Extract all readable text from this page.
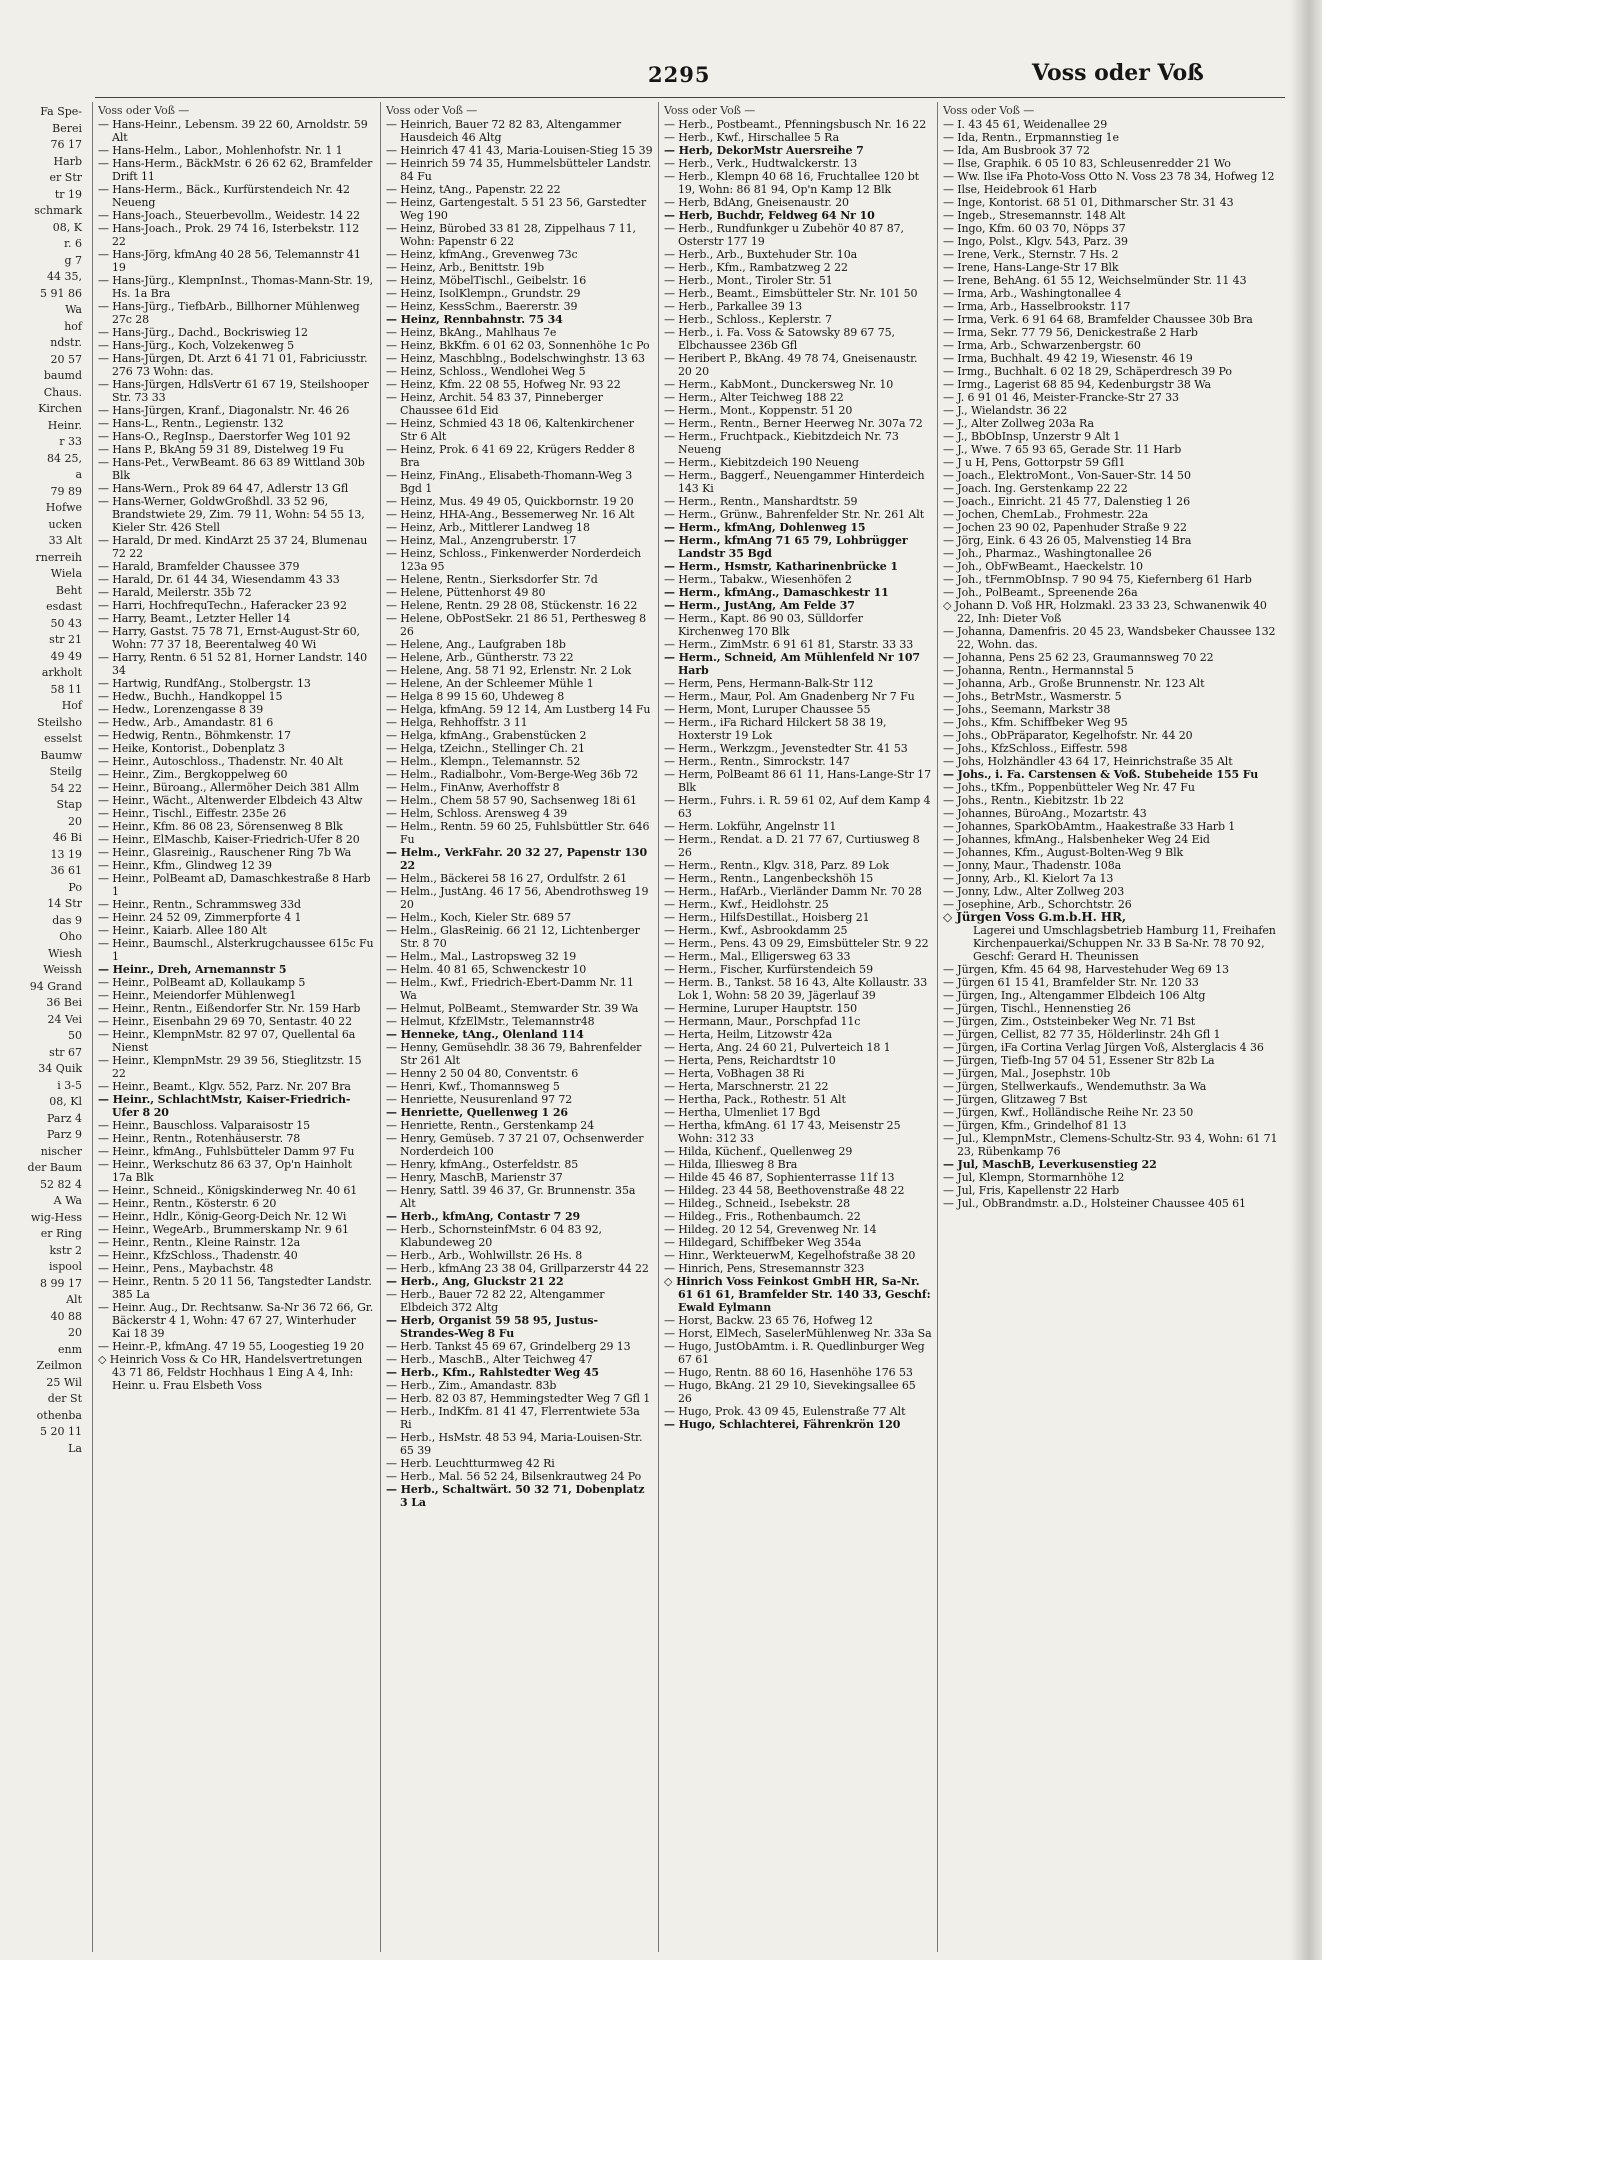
Fa Spe-
Berei
76 17
Harb
er Str
tr 19
schmark
08, K
r. 6
g 7
44 35,
5 91 86
Wa
hof
ndstr.
20 57
baumd
Chaus.
Kirchen
Heinr.
r 33
84 25,
a
79 89
Hofwe
ucken
33 Alt
rnerreih
Wiela
Beht
esdast
50 43
str 21
49 49
arkholt
58 11
Hof
Steilsho
esselst
Baumw
Steilg
54 22
Stap
20
46 Bi
13 19
36 61
Po
14 Str
das 9
Oho
Wiesh
Weissh
94 Grand
36 Bei
24 Vei
50
str 67
34 Quik
i 3-5
08, Kl
Parz 4
Parz 9
nischer
der Baum
52 82 4
A Wa
wig-Hess
er Ring
kstr 2
ispool
8 99 17
Alt
40 88
20
enm
Zeilmon
25 Wil
der St
othenba
5 20 11
La
2295	Voss oder Voß
Voss oder Voß —
— Hans-Heinr., Lebensm. 39 22 60, Arnoldstr. 59 Alt
— Hans-Helm., Labor., Mohlenhofstr. Nr. 1 1
— Hans-Herm., BäckMstr. 6 26 62 62, Bramfelder Drift 11
— Hans-Herm., Bäck., Kurfürstendeich Nr. 42 Neueng
— Hans-Joach., Steuerbevollm., Weidestr. 14 22
— Hans-Joach., Prok. 29 74 16, Isterbekstr. 112 22
— Hans-Jörg, kfmAng 40 28 56, Telemannstr 41 19
— Hans-Jürg., KlempnInst., Thomas-Mann-Str. 19, Hs. 1a Bra
— Hans-Jürg., TiefbArb., Billhorner Mühlenweg 27c 28
— Hans-Jürg., Dachd., Bockriswieg 12
— Hans-Jürg., Koch, Volzekenweg 5
— Hans-Jürgen, Dt. Arzt 6 41 71 01, Fabriciusstr. 276 73 Wohn: das.
— Hans-Jürgen, HdlsVertr 61 67 19, Steilshooper Str. 73 33
— Hans-Jürgen, Kranf., Diagonalstr. Nr. 46 26
— Hans-L., Rentn., Legienstr. 132
— Hans-O., RegInsp., Daerstorfer Weg 101 92
— Hans P., BkAng 59 31 89, Distelweg 19 Fu
— Hans-Pet., VerwBeamt. 86 63 89 Wittland 30b Blk
— Hans-Wern., Prok 89 64 47, Adlerstr 13 Gfl
— Hans-Werner, GoldwGroßhdl. 33 52 96, Brandstwiete 29, Zim. 79 11, Wohn: 54 55 13, Kieler Str. 426 Stell
— Harald, Dr med. KindArzt 25 37 24, Blumenau 72 22
— Harald, Bramfelder Chaussee 379
— Harald, Dr. 61 44 34, Wiesendamm 43 33
— Harald, Meilerstr. 35b 72
— Harri, HochfrequTechn., Haferacker 23 92
— Harry, Beamt., Letzter Heller 14
— Harry, Gastst. 75 78 71, Ernst-August-Str 60, Wohn: 77 37 18, Beerentalweg 40 Wi
— Harry, Rentn. 6 51 52 81, Horner Landstr. 140 34
— Hartwig, RundfAng., Stolbergstr. 13
— Hedw., Buchh., Handkoppel 15
— Hedw., Lorenzengasse 8 39
— Hedw., Arb., Amandastr. 81 6
— Hedwig, Rentn., Böhmkenstr. 17
— Heike, Kontorist., Dobenplatz 3
— Heinr., Autoschloss., Thadenstr. Nr. 40 Alt
— Heinr., Zim., Bergkoppelweg 60
— Heinr., Büroang., Allermöher Deich 381 Allm
— Heinr., Wächt., Altenwerder Elbdeich 43 Altw
— Heinr., Tischl., Eiffestr. 235e 26
— Heinr., Kfm. 86 08 23, Sörensenweg 8 Blk
— Heinr., ElMaschb, Kaiser-Friedrich-Ufer 8 20
— Heinr., Glasreinig., Rauschener Ring 7b Wa
— Heinr., Kfm., Glindweg 12 39
— Heinr., PolBeamt aD, Damaschkestraße 8 Harb 1
— Heinr., Rentn., Schrammsweg 33d
— Heinr. 24 52 09, Zimmerpforte 4 1
— Heinr., Kaiarb. Allee 180 Alt
— Heinr., Baumschl., Alsterkrugchaussee 615c Fu 1
— Heinr., Dreh, Arnemannstr 5
— Heinr., PolBeamt aD, Kollaukamp 5
— Heinr., Meiendorfer Mühlenweg1
— Heinr., Rentn., Eißendorfer Str. Nr. 159 Harb
— Heinr., Eisenbahn 29 69 70, Sentastr. 40 22
— Heinr., KlempnMstr. 82 97 07, Quellental 6a Nienst
— Heinr., KlempnMstr. 29 39 56, Stieglitzstr. 15 22
— Heinr., Beamt., Klgv. 552, Parz. Nr. 207 Bra
— Heinr., SchlachtMstr, Kaiser-Friedrich-Ufer 8 20
— Heinr., Bauschloss. Valparaisostr 15
— Heinr., Rentn., Rotenhäuserstr. 78
— Heinr., kfmAng., Fuhlsbütteler Damm 97 Fu
— Heinr., Werkschutz 86 63 37, Op'n Hainholt 17a Blk
— Heinr., Schneid., Königskinderweg Nr. 40 61
— Heinr., Rentn., Kösterstr. 6 20
— Heinr., Hdlr., König-Georg-Deich Nr. 12 Wi
— Heinr., WegeArb., Brummerskamp Nr. 9 61
— Heinr., Rentn., Kleine Rainstr. 12a
— Heinr., KfzSchloss., Thadenstr. 40
— Heinr., Pens., Maybachstr. 48
— Heinr., Rentn. 5 20 11 56, Tangstedter Landstr. 385 La
— Heinr. Aug., Dr. Rechtsanw. Sa-Nr 36 72 66, Gr. Bäckerstr 4 1, Wohn: 47 67 27, Winterhuder Kai 18 39
— Heinr.-P., kfmAng. 47 19 55, Loogestieg 19 20
◇ Heinrich Voss & Co HR, Handelsvertretungen 43 71 86, Feldstr Hochhaus 1 Eing A 4, Inh: Heinr. u. Frau Elsbeth Voss
Voss oder Voß —
— Heinrich, Bauer 72 82 83, Altengammer Hausdeich 46 Altg
— Heinrich 47 41 43, Maria-Louisen-Stieg 15 39
— Heinrich 59 74 35, Hummelsbütteler Landstr. 84 Fu
— Heinz, tAng., Papenstr. 22 22
— Heinz, Gartengestalt. 5 51 23 56, Garstedter Weg 190
— Heinz, Bürobed 33 81 28, Zippelhaus 7 11, Wohn: Papenstr 6 22
— Heinz, kfmAng., Grevenweg 73c
— Heinz, Arb., Benittstr. 19b
— Heinz, MöbelTischl., Geibelstr. 16
— Heinz, IsolKlempn., Grundstr. 29
— Heinz, KessSchm., Baererstr. 39
— Heinz, Rennbahnstr. 75 34
— Heinz, BkAng., Mahlhaus 7e
— Heinz, BkKfm. 6 01 62 03, Sonnenhöhe 1c Po
— Heinz, Maschblng., Bodelschwinghstr. 13 63
— Heinz, Schloss., Wendlohei Weg 5
— Heinz, Kfm. 22 08 55, Hofweg Nr. 93 22
— Heinz, Archit. 54 83 37, Pinneberger Chaussee 61d Eid
— Heinz, Schmied 43 18 06, Kaltenkirchener Str 6 Alt
— Heinz, Prok. 6 41 69 22, Krügers Redder 8 Bra
— Heinz, FinAng., Elisabeth-Thomann-Weg 3 Bgd 1
— Heinz, Mus. 49 49 05, Quickbornstr. 19 20
— Heinz, HHA-Ang., Bessemerweg Nr. 16 Alt
— Heinz, Arb., Mittlerer Landweg 18
— Heinz, Mal., Anzengruberstr. 17
— Heinz, Schloss., Finkenwerder Norderdeich 123a 95
— Helene, Rentn., Sierksdorfer Str. 7d
— Helene, Püttenhorst 49 80
— Helene, Rentn. 29 28 08, Stückenstr. 16 22
— Helene, ObPostSekr. 21 86 51, Perthesweg 8 26
— Helene, Ang., Laufgraben 18b
— Helene, Arb., Güntherstr. 73 22
— Helene, Ang. 58 71 92, Erlenstr. Nr. 2 Lok
— Helene, An der Schleemer Mühle 1
— Helga 8 99 15 60, Uhdeweg 8
— Helga, kfmAng. 59 12 14, Am Lustberg 14 Fu
— Helga, Rehhoffstr. 3 11
— Helga, kfmAng., Grabenstücken 2
— Helga, tZeichn., Stellinger Ch. 21
— Helm., Klempn., Telemannstr. 52
— Helm., Radialbohr., Vom-Berge-Weg 36b 72
— Helm., FinAnw, Averhoffstr 8
— Helm., Chem 58 57 90, Sachsenweg 18i 61
— Helm, Schloss. Arensweg 4 39
— Helm., Rentn. 59 60 25, Fuhlsbüttler Str. 646 Fu
— Helm., VerkFahr. 20 32 27, Papenstr 130 22
— Helm., Bäckerei 58 16 27, Ordulfstr. 2 61
— Helm., JustAng. 46 17 56, Abendrothsweg 19 20
— Helm., Koch, Kieler Str. 689 57
— Helm., GlasReinig. 66 21 12, Lichtenberger Str. 8 70
— Helm., Mal., Lastropsweg 32 19
— Helm. 40 81 65, Schwenckestr 10
— Helm., Kwf., Friedrich-Ebert-Damm Nr. 11 Wa
— Helmut, PolBeamt., Stemwarder Str. 39 Wa
— Helmut, KfzElMstr., Telemannstr48
— Henneke, tAng., Olenland 114
— Henny, Gemüsehdlr. 38 36 79, Bahrenfelder Str 261 Alt
— Henny 2 50 04 80, Conventstr. 6
— Henri, Kwf., Thomannsweg 5
— Henriette, Neusurenland 97 72
— Henriette, Quellenweg 1 26
— Henriette, Rentn., Gerstenkamp 24
— Henry, Gemüseb. 7 37 21 07, Ochsenwerder Norderdeich 100
— Henry, kfmAng., Osterfeldstr. 85
— Henry, MaschB, Marienstr 37
— Henry, Sattl. 39 46 37, Gr. Brunnenstr. 35a Alt
— Herb., kfmAng, Contastr 7 29
— Herb., SchornsteinfMstr. 6 04 83 92, Klabundeweg 20
— Herb., Arb., Wohlwillstr. 26 Hs. 8
— Herb., kfmAng 23 38 04, Grillparzerstr 44 22
— Herb., Ang, Gluckstr 21 22
— Herb., Bauer 72 82 22, Altengammer Elbdeich 372 Altg
— Herb, Organist 59 58 95, Justus-Strandes-Weg 8 Fu
— Herb. Tankst 45 69 67, Grindelberg 29 13
— Herb., MaschB., Alter Teichweg 47
— Herb., Kfm., Rahlstedter Weg 45
— Herb., Zim., Amandastr. 83b
— Herb. 82 03 87, Hemmingstedter Weg 7 Gfl 1
— Herb., IndKfm. 81 41 47, Flerrentwiete 53a Ri
— Herb., HsMstr. 48 53 94, Maria-Louisen-Str. 65 39
— Herb. Leuchtturmweg 42 Ri
— Herb., Mal. 56 52 24, Bilsenkrautweg 24 Po
— Herb., Schaltwärt. 50 32 71, Dobenplatz 3 La
Voss oder Voß —
— Herb., Postbeamt., Pfenningsbusch Nr. 16 22
— Herb., Kwf., Hirschallee 5 Ra
— Herb, DekorMstr Auersreihe 7
— Herb., Verk., Hudtwalckerstr. 13
— Herb., Klempn 40 68 16, Fruchtallee 120 bt 19, Wohn: 86 81 94, Op'n Kamp 12 Blk
— Herb, BdAng, Gneisenaustr. 20
— Herb, Buchdr, Feldweg 64 Nr 10
— Herb., Rundfunkger u Zubehör 40 87 87, Osterstr 177 19
— Herb., Arb., Buxtehuder Str. 10a
— Herb., Kfm., Rambatzweg 2 22
— Herb., Mont., Tiroler Str. 51
— Herb., Beamt., Eimsbütteler Str. Nr. 101 50
— Herb., Parkallee 39 13
— Herb., Schloss., Keplerstr. 7
— Herb., i. Fa. Voss & Satowsky 89 67 75, Elbchaussee 236b Gfl
— Heribert P., BkAng. 49 78 74, Gneisenaustr. 20 20
— Herm., KabMont., Dunckersweg Nr. 10
— Herm., Alter Teichweg 188 22
— Herm., Mont., Koppenstr. 51 20
— Herm., Rentn., Berner Heerweg Nr. 307a 72
— Herm., Fruchtpack., Kiebitzdeich Nr. 73 Neueng
— Herm., Kiebitzdeich 190 Neueng
— Herm., Baggerf., Neuengammer Hinterdeich 143 Ki
— Herm., Rentn., Manshardtstr. 59
— Herm., Grünw., Bahrenfelder Str. Nr. 261 Alt
— Herm., kfmAng, Dohlenweg 15
— Herm., kfmAng 71 65 79, Lohbrügger Landstr 35 Bgd
— Herm., Hsmstr, Katharinenbrücke 1
— Herm., Tabakw., Wiesenhöfen 2
— Herm., kfmAng., Damaschkestr 11
— Herm., JustAng, Am Felde 37
— Herm., Kapt. 86 90 03, Sülldorfer Kirchenweg 170 Blk
— Herm., ZimMstr. 6 91 61 81, Starstr. 33 33
— Herm., Schneid, Am Mühlenfeld Nr 107 Harb
— Herm, Pens, Hermann-Balk-Str 112
— Herm., Maur, Pol. Am Gnadenberg Nr 7 Fu
— Herm, Mont, Luruper Chaussee 55
— Herm., iFa Richard Hilckert 58 38 19, Hoxterstr 19 Lok
— Herm., Werkzgm., Jevenstedter Str. 41 53
— Herm., Rentn., Simrockstr. 147
— Herm, PolBeamt 86 61 11, Hans-Lange-Str 17 Blk
— Herm., Fuhrs. i. R. 59 61 02, Auf dem Kamp 4 63
— Herm. Lokführ, Angelnstr 11
— Herm., Rendat. a D. 21 77 67, Curtiusweg 8 26
— Herm., Rentn., Klgv. 318, Parz. 89 Lok
— Herm., Rentn., Langenbeckshöh 15
— Herm., HafArb., Vierländer Damm Nr. 70 28
— Herm., Kwf., Heidlohstr. 25
— Herm., HilfsDestillat., Hoisberg 21
— Herm., Kwf., Asbrookdamm 25
— Herm., Pens. 43 09 29, Eimsbütteler Str. 9 22
— Herm., Mal., Elligersweg 63 33
— Herm., Fischer, Kurfürstendeich 59
— Herm. B., Tankst. 58 16 43, Alte Kollaustr. 33 Lok 1, Wohn: 58 20 39, Jägerlauf 39
— Hermine, Luruper Hauptstr. 150
— Hermann, Maur., Porschpfad 11c
— Herta, Heilm, Litzowstr 42a
— Herta, Ang. 24 60 21, Pulverteich 18 1
— Herta, Pens, Reichardtstr 10
— Herta, VoBhagen 38 Ri
— Herta, Marschnerstr. 21 22
— Hertha, Pack., Rothestr. 51 Alt
— Hertha, Ulmenliet 17 Bgd
— Hertha, kfmAng. 61 17 43, Meisenstr 25 Wohn: 312 33
— Hilda, Küchenf., Quellenweg 29
— Hilda, Illiesweg 8 Bra
— Hilde 45 46 87, Sophienterrasse 11f 13
— Hildeg. 23 44 58, Beethovenstraße 48 22
— Hildeg., Schneid., Isebekstr. 28
— Hildeg., Fris., Rothenbaumch. 22
— Hildeg. 20 12 54, Grevenweg Nr. 14
— Hildegard, Schiffbeker Weg 354a
— Hinr., WerkteuerwM, Kegelhofstraße 38 20
— Hinrich, Pens, Stresemannstr 323
◇ Hinrich Voss Feinkost GmbH HR, Sa-Nr. 61 61 61, Bramfelder Str. 140 33, Geschf: Ewald Eylmann
— Horst, Backw. 23 65 76, Hofweg 12
— Horst, ElMech, SaselerMühlenweg Nr. 33a Sa
— Hugo, JustObAmtm. i. R. Quedlinburger Weg 67 61
— Hugo, Rentn. 88 60 16, Hasenhöhe 176 53
— Hugo, BkAng. 21 29 10, Sievekingsallee 65 26
— Hugo, Prok. 43 09 45, Eulenstraße 77 Alt
— Hugo, Schlachterei, Fährenkrön 120
Voss oder Voß —
— I. 43 45 61, Weidenallee 29
— Ida, Rentn., Erpmannstieg 1e
— Ida, Am Busbrook 37 72
— Ilse, Graphik. 6 05 10 83, Schleusenredder 21 Wo
— Ww. Ilse iFa Photo-Voss Otto N. Voss 23 78 34, Hofweg 12
— Ilse, Heidebrook 61 Harb
— Inge, Kontorist. 68 51 01, Dithmarscher Str. 31 43
— Ingeb., Stresemannstr. 148 Alt
— Ingo, Kfm. 60 03 70, Nöpps 37
— Ingo, Polst., Klgv. 543, Parz. 39
— Irene, Verk., Sternstr. 7 Hs. 2
— Irene, Hans-Lange-Str 17 Blk
— Irene, BehAng. 61 55 12, Weichselmünder Str. 11 43
— Irma, Arb., Washingtonallee 4
— Irma, Arb., Hasselbrookstr. 117
— Irma, Verk. 6 91 64 68, Bramfelder Chaussee 30b Bra
— Irma, Sekr. 77 79 56, Denickestraße 2 Harb
— Irma, Arb., Schwarzenbergstr. 60
— Irma, Buchhalt. 49 42 19, Wiesenstr. 46 19
— Irmg., Buchhalt. 6 02 18 29, Schäperdresch 39 Po
— Irmg., Lagerist 68 85 94, Kedenburgstr 38 Wa
— J. 6 91 01 46, Meister-Francke-Str 27 33
— J., Wielandstr. 36 22
— J., Alter Zollweg 203a Ra
— J., BbObInsp, Unzerstr 9 Alt 1
— J., Wwe. 7 65 93 65, Gerade Str. 11 Harb
— J u H, Pens, Gottorpstr 59 Gfl1
— Joach., ElektroMont., Von-Sauer-Str. 14 50
— Joach. Ing. Gerstenkamp 22 22
— Joach., Einricht. 21 45 77, Dalenstieg 1 26
— Jochen, ChemLab., Frohmestr. 22a
— Jochen 23 90 02, Papenhuder Straße 9 22
— Jörg, Eink. 6 43 26 05, Malvenstieg 14 Bra
— Joh., Pharmaz., Washingtonallee 26
— Joh., ObFwBeamt., Haeckelstr. 10
— Joh., tFernmObInsp. 7 90 94 75, Kiefernberg 61 Harb
— Joh., PolBeamt., Spreenende 26a
◇ Johann D. Voß HR, Holzmakl. 23 33 23, Schwanenwik 40 22, Inh: Dieter Voß
— Johanna, Damenfris. 20 45 23, Wandsbeker Chaussee 132 22, Wohn. das.
— Johanna, Pens 25 62 23, Graumannsweg 70 22
— Johanna, Rentn., Hermannstal 5
— Johanna, Arb., Große Brunnenstr. Nr. 123 Alt
— Johs., BetrMstr., Wasmerstr. 5
— Johs., Seemann, Markstr 38
— Johs., Kfm. Schiffbeker Weg 95
— Johs., ObPräparator, Kegelhofstr. Nr. 44 20
— Johs., KfzSchloss., Eiffestr. 598
— Johs, Holzhändler 43 64 17, Heinrichstraße 35 Alt
— Johs., i. Fa. Carstensen & Voß. Stubeheide 155 Fu
— Johs., tKfm., Poppenbütteler Weg Nr. 47 Fu
— Johs., Rentn., Kiebitzstr. 1b 22
— Johannes, BüroAng., Mozartstr. 43
— Johannes, SparkObAmtm., Haakestraße 33 Harb 1
— Johannes, kfmAng., Halsbenheker Weg 24 Eid
— Johannes, Kfm., August-Bolten-Weg 9 Blk
— Jonny, Maur., Thadenstr. 108a
— Jonny, Arb., Kl. Kielort 7a 13
— Jonny, Ldw., Alter Zollweg 203
— Josephine, Arb., Schorchtstr. 26
◇ Jürgen Voss G.m.b.H. HR,
Lagerei und Umschlagsbetrieb Hamburg 11, Freihafen Kirchenpauerkai/Schuppen Nr. 33 B Sa-Nr. 78 70 92, Geschf: Gerard H. Theunissen
— Jürgen, Kfm. 45 64 98, Harvestehuder Weg 69 13
— Jürgen 61 15 41, Bramfelder Str. Nr. 120 33
— Jürgen, Ing., Altengammer Elbdeich 106 Altg
— Jürgen, Tischl., Hennenstieg 26
— Jürgen, Zim., Oststeinbeker Weg Nr. 71 Bst
— Jürgen, Cellist, 82 77 35, Hölderlinstr. 24h Gfl 1
— Jürgen, iFa Cortina Verlag Jürgen Voß, Alsterglacis 4 36
— Jürgen, Tiefb-Ing 57 04 51, Essener Str 82b La
— Jürgen, Mal., Josephstr. 10b
— Jürgen, Stellwerkaufs., Wendemuthstr. 3a Wa
— Jürgen, Glitzaweg 7 Bst
— Jürgen, Kwf., Holländische Reihe Nr. 23 50
— Jürgen, Kfm., Grindelhof 81 13
— Jul., KlempnMstr., Clemens-Schultz-Str. 93 4, Wohn: 61 71 23, Rübenkamp 76
— Jul, MaschB, Leverkusenstieg 22
— Jul, Klempn, Stormarnhöhe 12
— Jul, Fris, Kapellenstr 22 Harb
— Jul., ObBrandmstr. a.D., Holsteiner Chaussee 405 61
